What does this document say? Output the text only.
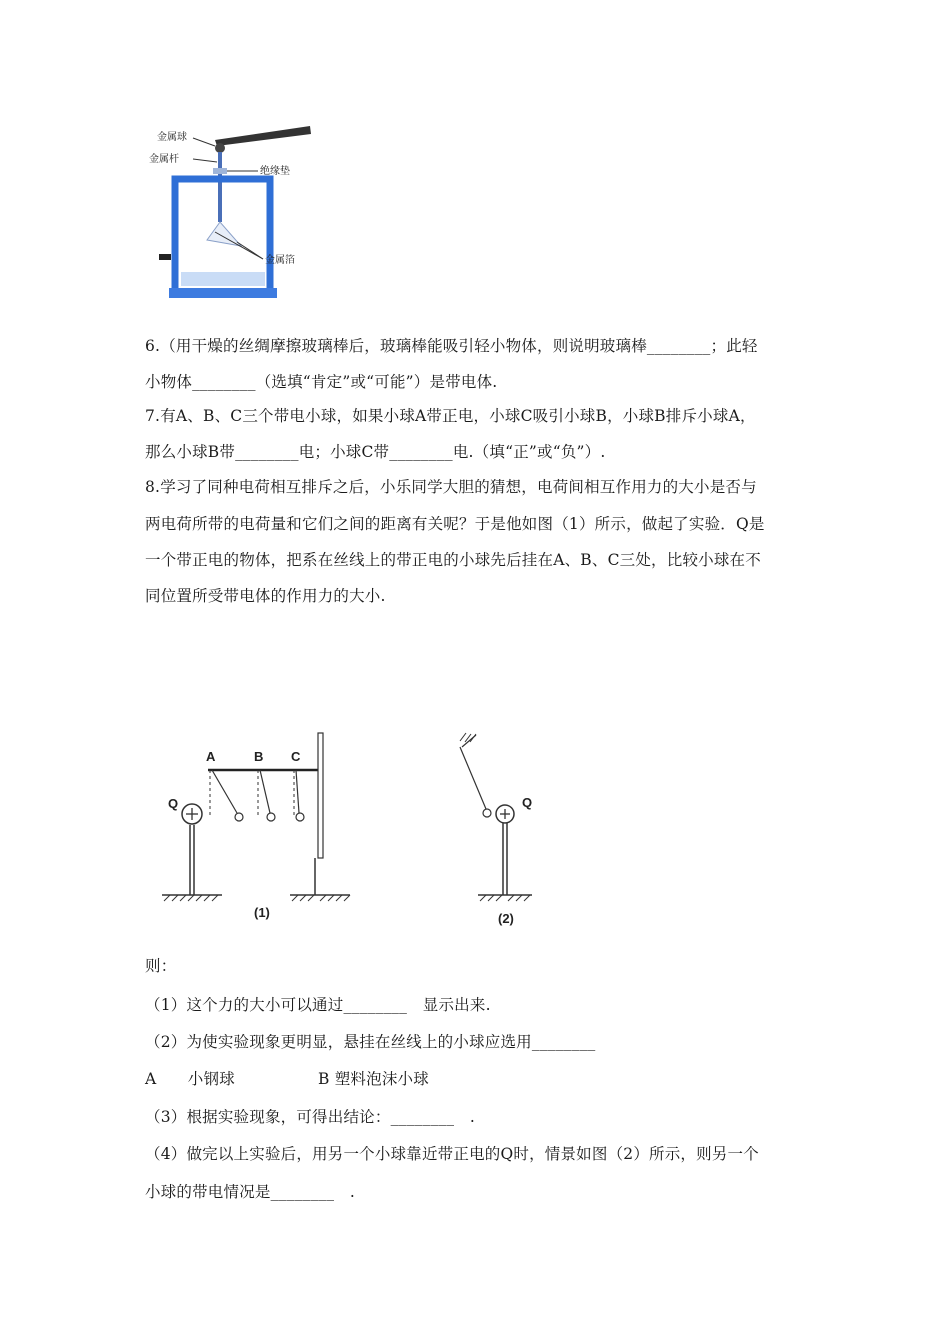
金属球
金属杆
绝缘垫
金属箔
6.（用干燥的丝绸摩擦玻璃棒后，玻璃棒能吸引轻小物体，则说明玻璃棒________；此轻
小物体________（选填“肯定”或“可能”）是带电体.
7.有A、B、C三个带电小球，如果小球A带正电，小球C吸引小球B，小球B排斥小球A，
那么小球B带________电；小球C带________电.（填“正”或“负”）.
8.学习了同种电荷相互排斥之后，小乐同学大胆的猜想，电荷间相互作用力的大小是否与
两电荷所带的电荷量和它们之间的距离有关呢？于是他如图（1）所示，做起了实验．Q是
一个带正电的物体，把系在丝线上的带正电的小球先后挂在A、B、C三处，比较小球在不
同位置所受带电体的作用力的大小.
Q
A	B C
(1)
Q
(2)
则：
（1）这个力的大小可以通过________　显示出来.
（2）为使实验现象更明显，悬挂在丝线上的小球应选用________
A　　小钢球	B 塑料泡沫小球
（3）根据实验现象，可得出结论：________　.
（4）做完以上实验后，用另一个小球靠近带正电的Q时，情景如图（2）所示，则另一个
小球的带电情况是________　.
